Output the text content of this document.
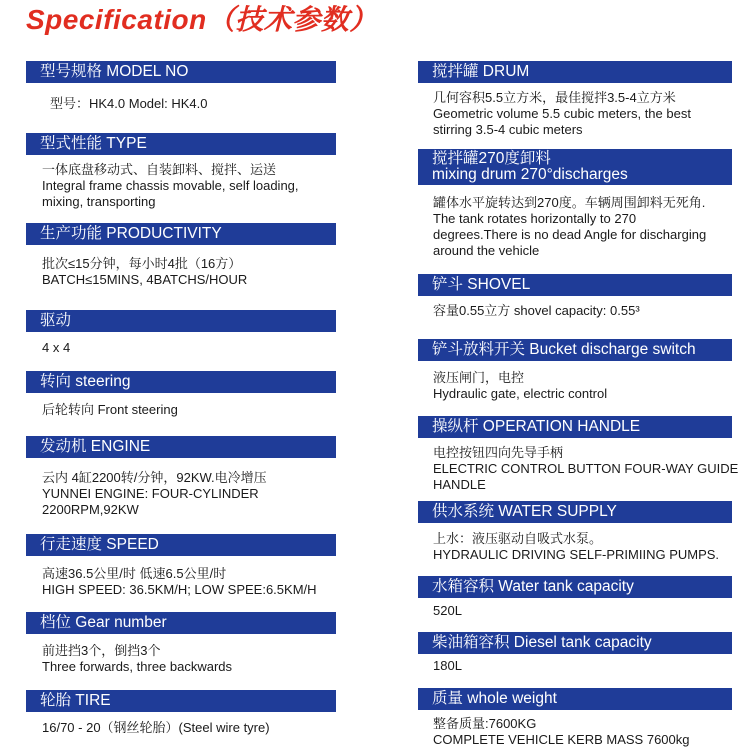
Specification（技术参数）
型号规格 MODEL NO
型号：HK4.0 Model: HK4.0
型式性能 TYPE
一体底盘移动式、自装卸料、搅拌、运送
Integral frame chassis movable, self loading,
mixing, transporting
生产功能 PRODUCTIVITY
批次≤15分钟，每小时4批（16方）
BATCH≤15MINS, 4BATCHS/HOUR
驱动
4 x 4
转向 steering
后轮转向 Front steering
发动机 ENGINE
云内 4缸2200转/分钟，92KW.电冷增压
YUNNEI ENGINE: FOUR-CYLINDER
2200RPM,92KW
行走速度 SPEED
高速36.5公里/时 低速6.5公里/时
HIGH SPEED: 36.5KM/H; LOW SPEE:6.5KM/H
档位 Gear number
前进挡3个，倒挡3个
Three forwards, three backwards
轮胎 TIRE
16/70 - 20（钢丝轮胎）(Steel wire tyre)
搅拌罐 DRUM
几何容积5.5立方米，最佳搅拌3.5-4立方米
Geometric volume 5.5 cubic meters, the best
stirring 3.5-4 cubic meters
搅拌罐270度卸料
mixing drum 270°discharges
罐体水平旋转达到270度。车辆周围卸料无死角.
The tank rotates horizontally to 270
degrees.There is no dead Angle for discharging
around the vehicle
铲斗 SHOVEL
容量0.55立方 shovel capacity: 0.55³
铲斗放料开关 Bucket discharge switch
液压闸门，电控
Hydraulic gate, electric control
操纵杆 OPERATION HANDLE
电控按钮四向先导手柄
ELECTRIC CONTROL BUTTON FOUR-WAY GUIDE
HANDLE
供水系统 WATER SUPPLY
上水：液压驱动自吸式水泵。
HYDRAULIC DRIVING SELF-PRIMIING PUMPS.
水箱容积 Water tank capacity
520L
柴油箱容积 Diesel tank capacity
180L
质量 whole weight
整备质量:7600KG
COMPLETE VEHICLE KERB MASS 7600kg
